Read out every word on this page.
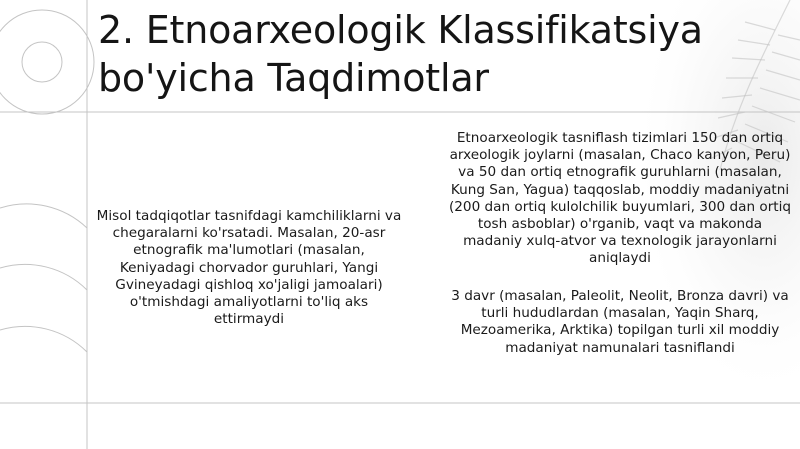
2. Etnoarxeologik Klassifikatsiya bo'yicha Taqdimotlar

Misol tadqiqotlar tasnifdagi kamchiliklarni va chegaralarni ko'rsatadi. Masalan, 20-asr etnografik ma'lumotlari (masalan, Keniyadagi chorvador guruhlari, Yangi Gvineyadagi qishloq xo'jaligi jamoalari) o'tmishdagi amaliyotlarni to'liq aks ettirmaydi

Etnoarxeologik tasniflash tizimlari 150 dan ortiq arxeologik joylarni (masalan, Chaco kanyon, Peru) va 50 dan ortiq etnografik guruhlarni (masalan, Kung San, Yagua) taqqoslab, moddiy madaniyatni (200 dan ortiq kulolchilik buyumlari, 300 dan ortiq tosh asboblar) o'rganib, vaqt va makonda madaniy xulq-atvor va texnologik jarayonlarni aniqlaydi

3 davr (masalan, Paleolit, Neolit, Bronza davri) va turli hududlardan (masalan, Yaqin Sharq, Mezoamerika, Arktika) topilgan turli xil moddiy madaniyat namunalari tasniflandi
